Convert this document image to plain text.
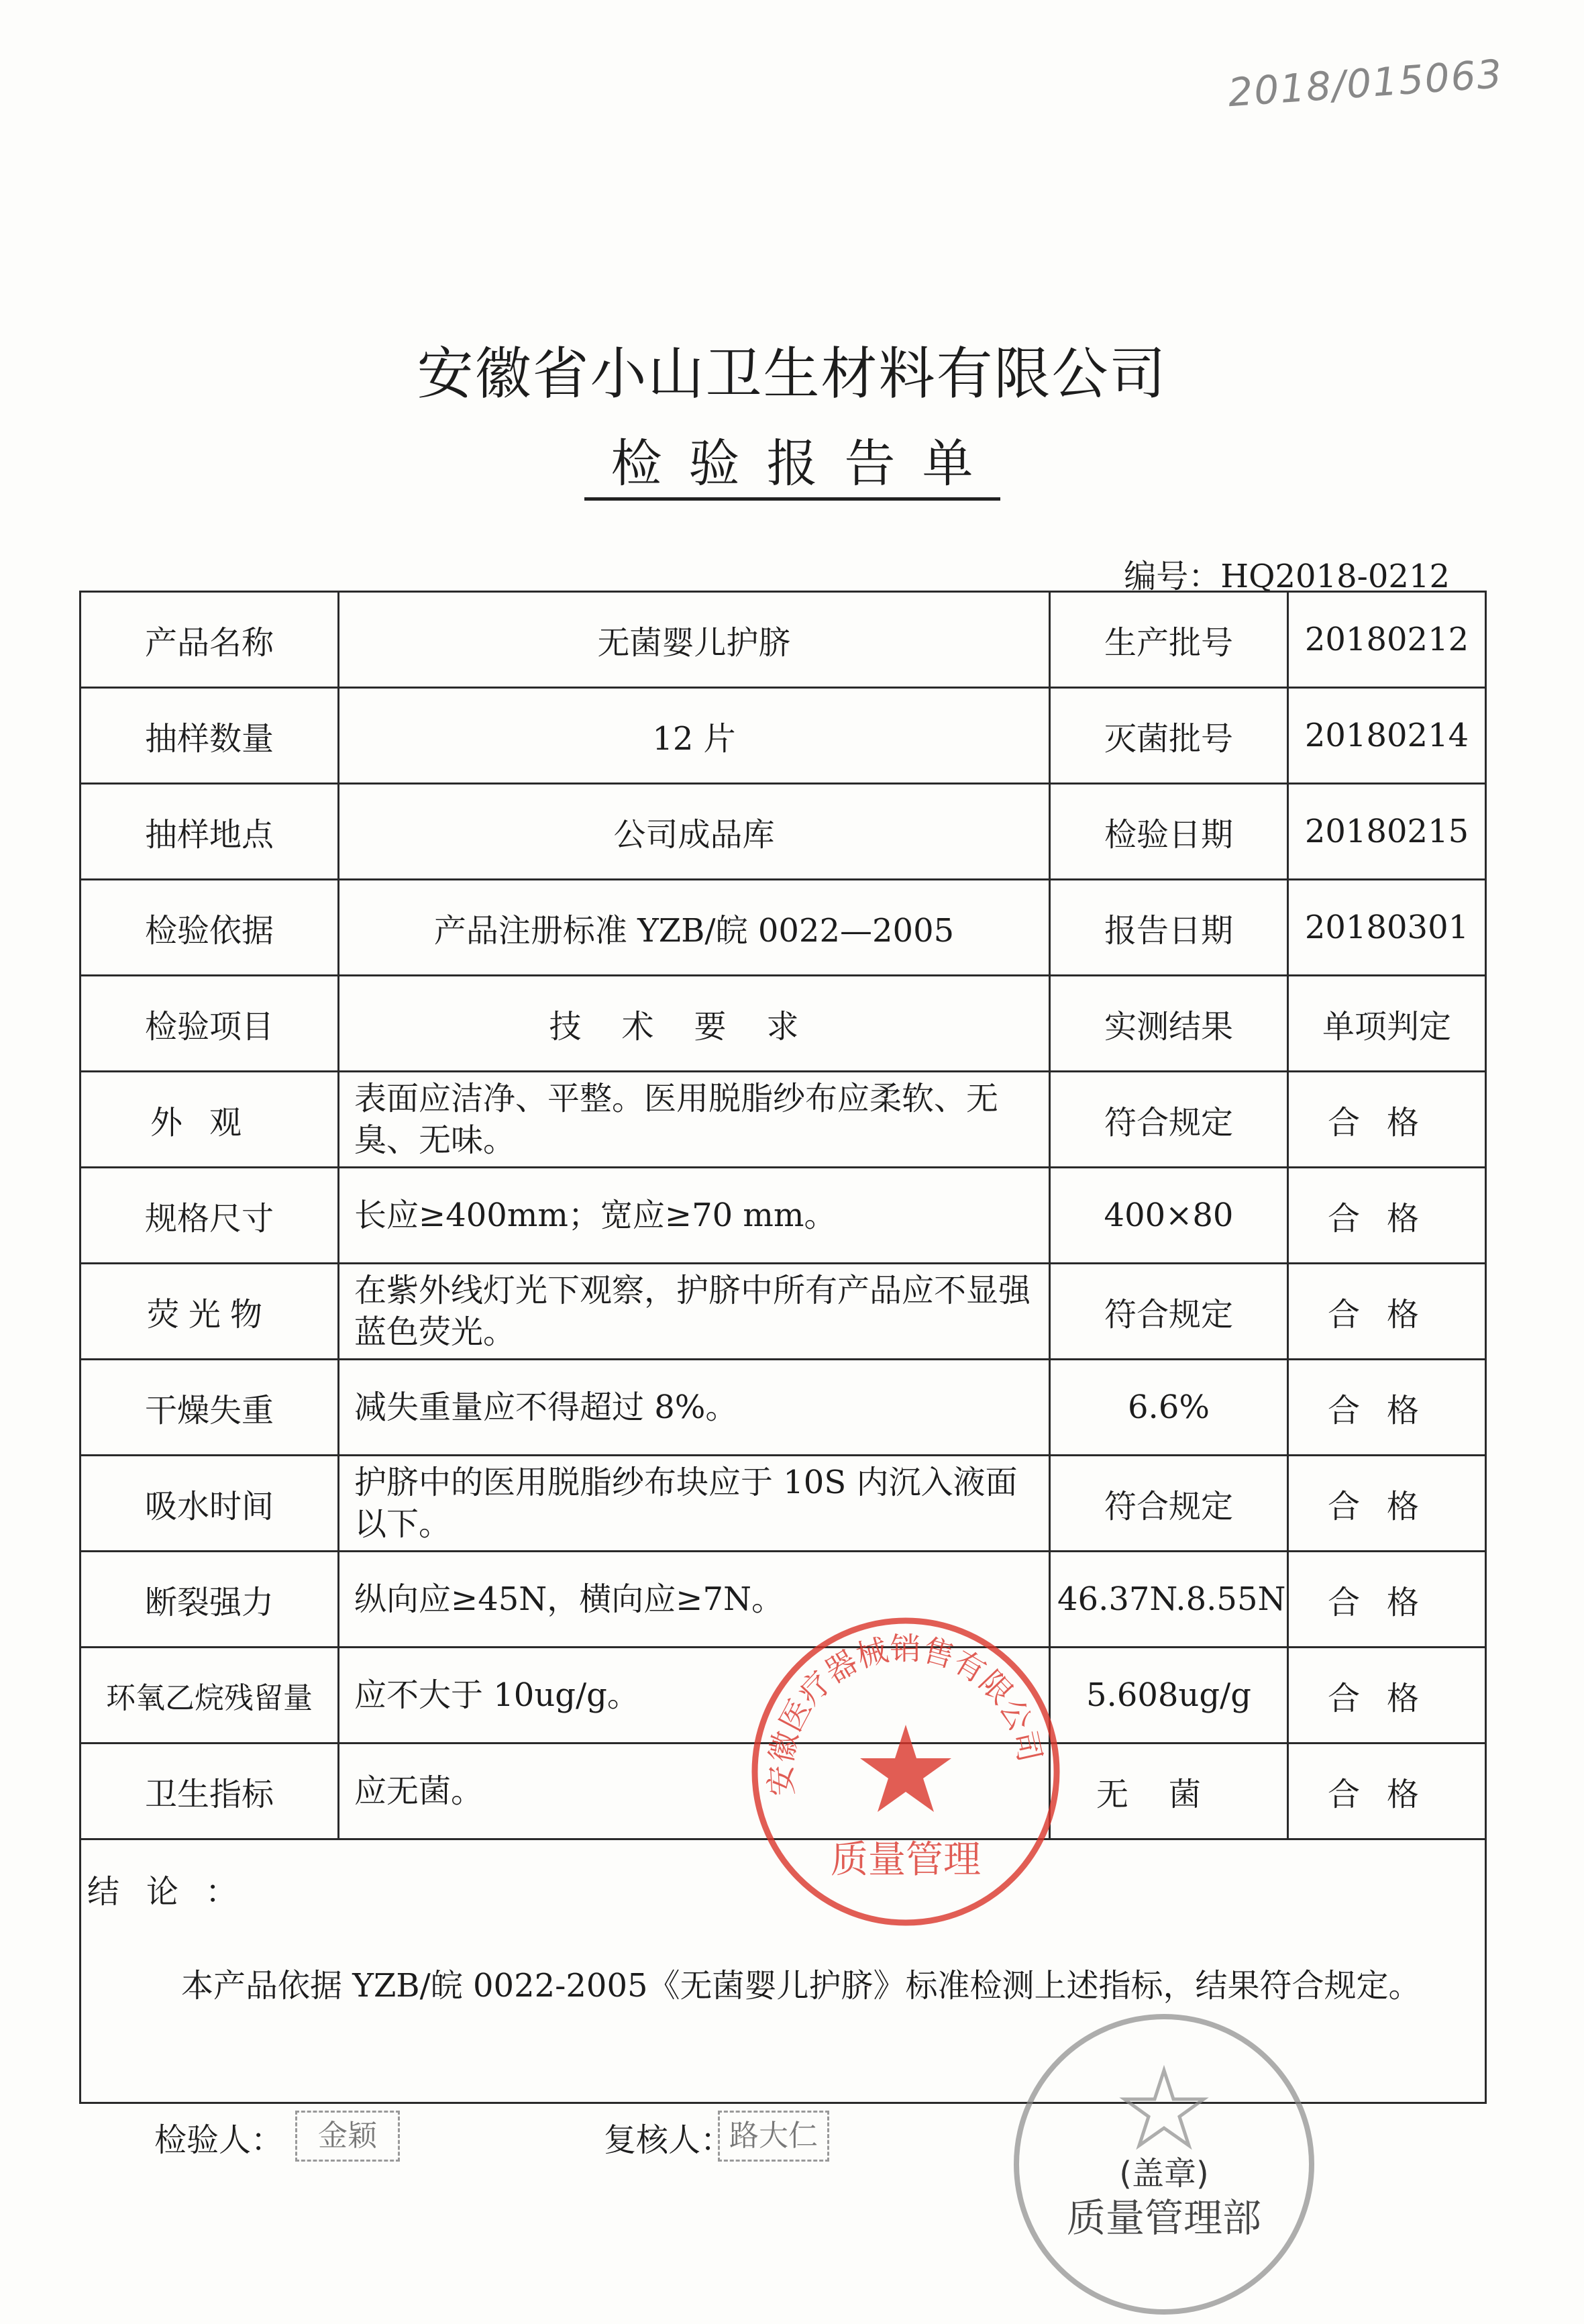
2018/015063
安徽省小山卫生材料有限公司
检验报告单
编号：HQ2018-0212
产品名称	无菌婴儿护脐	生产批号	20180212
抽样数量	12 片	灭菌批号	20180214
抽样地点	公司成品库	检验日期	20180215
检验依据	产品注册标准 YZB/皖 0022—2005	报告日期	20180301
检验项目	技术要求	实测结果	单项判定
外观	表面应洁净、平整。医用脱脂纱布应柔软、无臭、无味。	符合规定	合格
规格尺寸	长应≥400mm；宽应≥70 mm。	400×80	合格
荧光物	在紫外线灯光下观察，护脐中所有产品应不显强蓝色荧光。	符合规定	合格
干燥失重	减失重量应不得超过 8%。	6.6%	合格
吸水时间	护脐中的医用脱脂纱布块应于 10S 内沉入液面以下。	符合规定	合格
断裂强力	纵向应≥45N，横向应≥7N。	46.37N.8.55N	合格
环氧乙烷残留量	应不大于 10ug/g。	5.608ug/g	合格
卫生指标	应无菌。	无菌	合格

结论：
本产品依据 YZB/皖 0022-2005《无菌婴儿护脐》标准检测上述指标，结果符合规定。
检验人：	金颖	复核人：
路大仁
安徽医疗器械销售有限公司
质量管理
(盖章)
质量管理部
